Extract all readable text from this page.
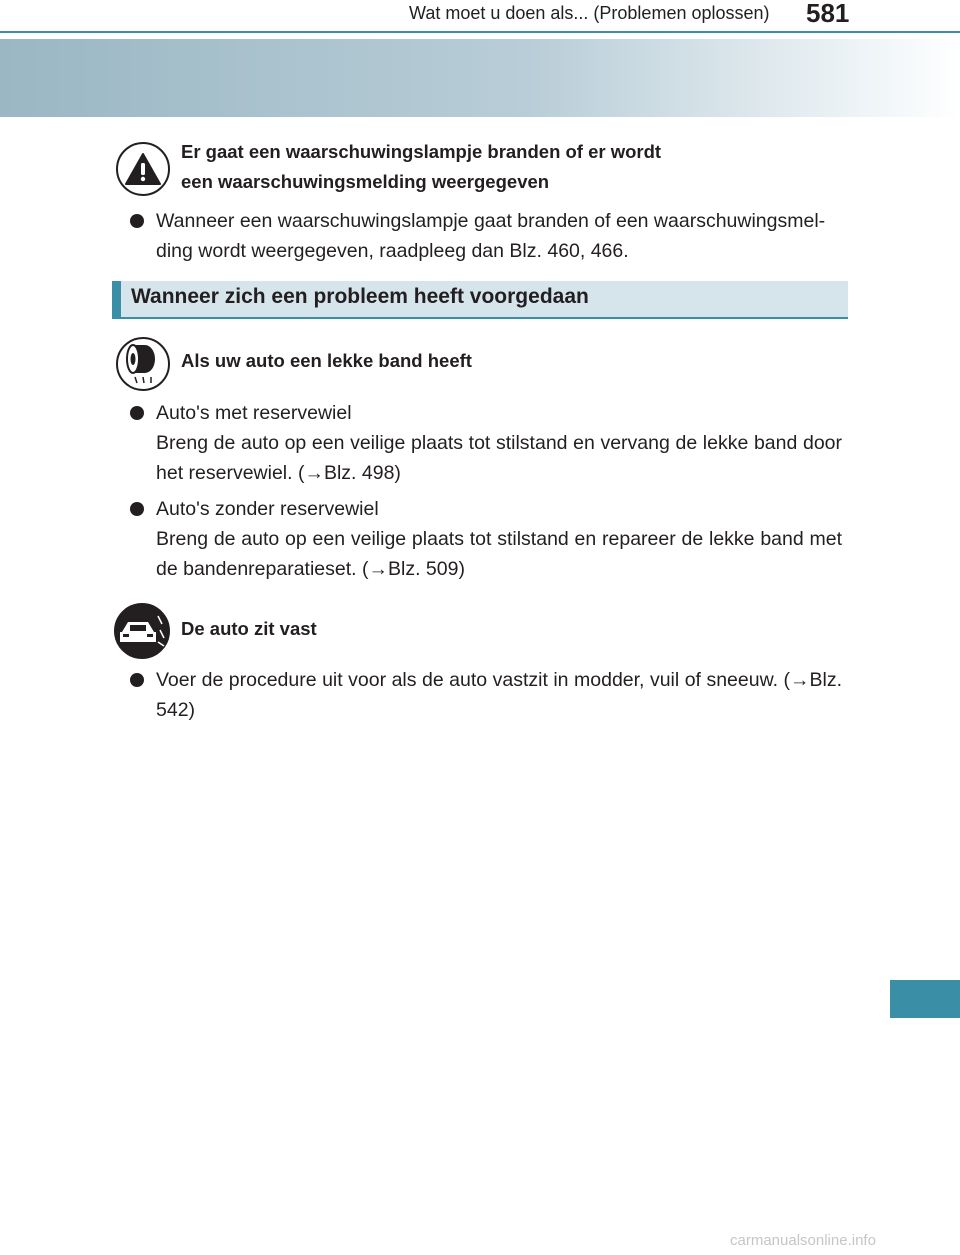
Wat moet u doen als... (Problemen oplossen) 581
Er gaat een waarschuwingslampje branden of er wordt
een waarschuwingsmelding weergegeven
Wanneer een waarschuwingslampje gaat branden of een waarschuwingsmel-ding wordt weergegeven, raadpleeg dan Blz. 460, 466.
Wanneer zich een probleem heeft voorgedaan
Als uw auto een lekke band heeft
Auto's met reservewiel
Breng de auto op een veilige plaats tot stilstand en vervang de lekke band door het reservewiel. (→Blz. 498)
Auto's zonder reservewiel
Breng de auto op een veilige plaats tot stilstand en repareer de lekke band met de bandenreparatieset. (→Blz. 509)
De auto zit vast
Voer de procedure uit voor als de auto vastzit in modder, vuil of sneeuw. (→Blz. 542)
carmanualsonline.info
